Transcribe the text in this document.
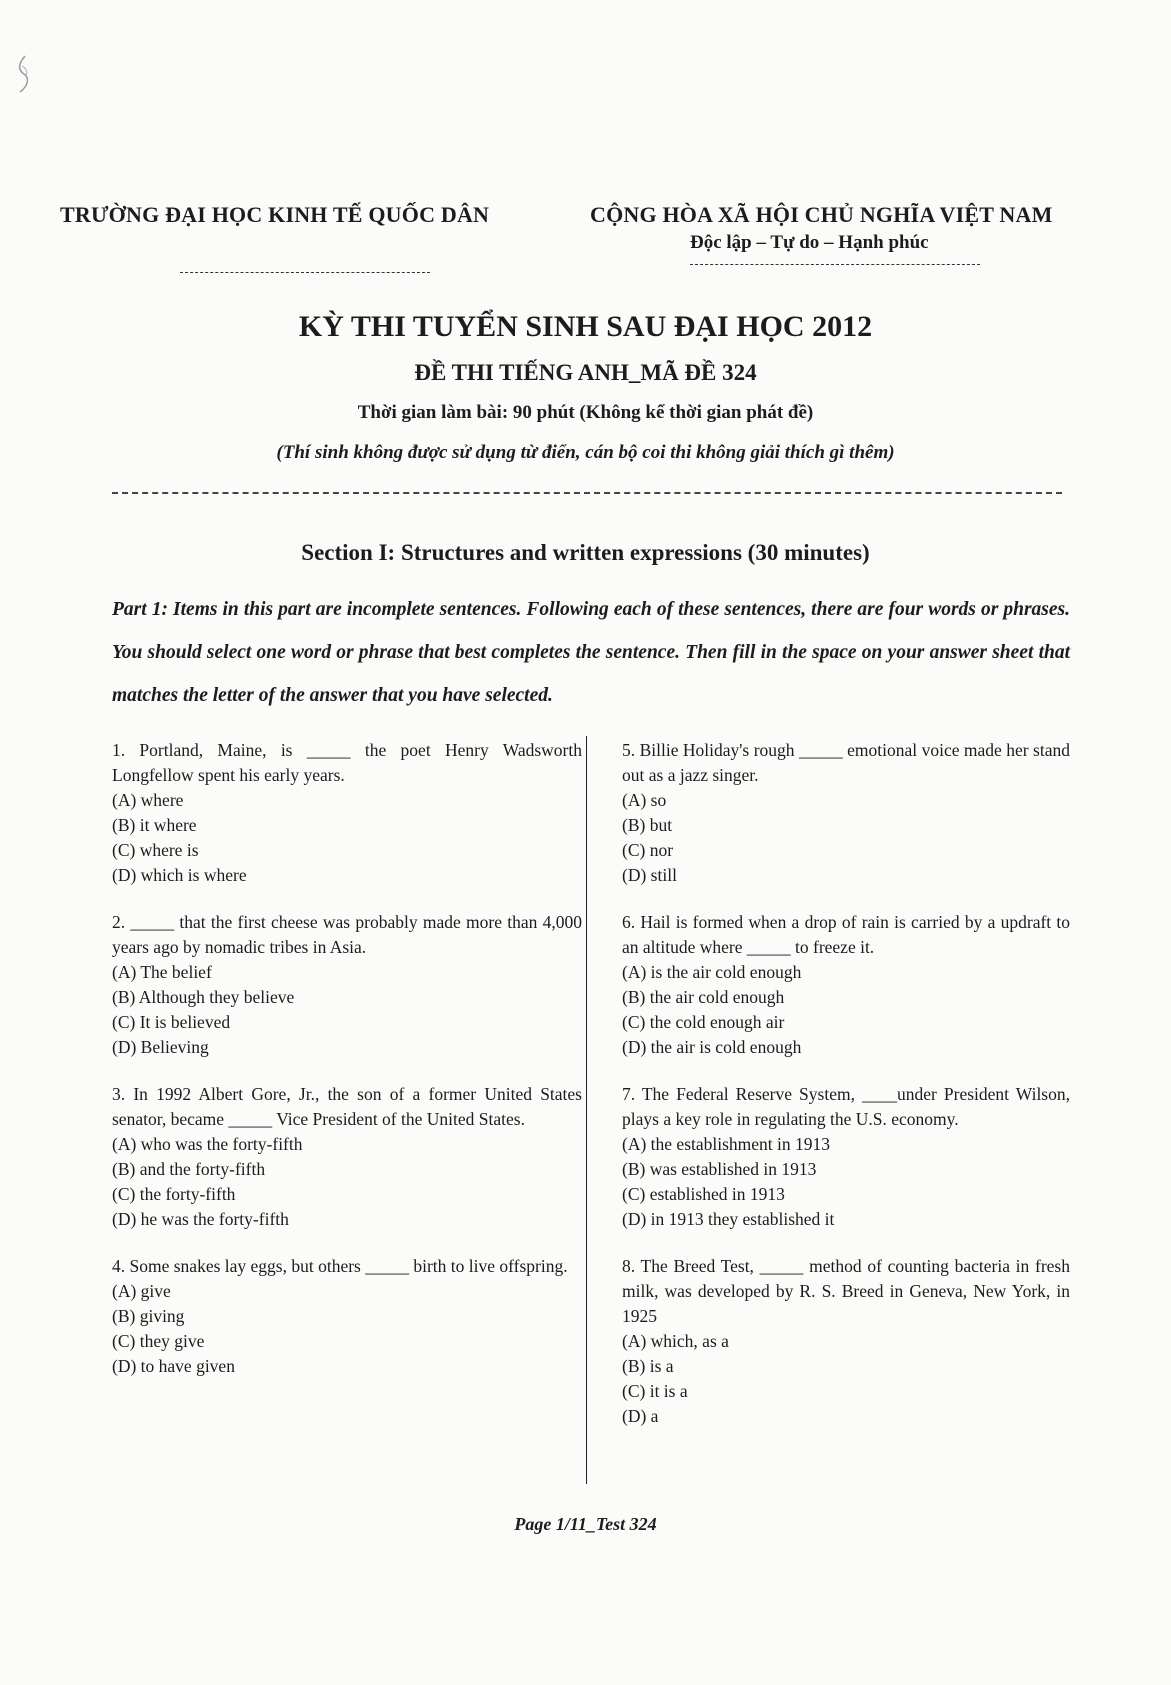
TRƯỜNG ĐẠI HỌC KINH TẾ QUỐC DÂN	CỘNG HÒA XÃ HỘI CHỦ NGHĨA VIỆT NAM
Độc lập – Tự do – Hạnh phúc
KỲ THI TUYỂN SINH SAU ĐẠI HỌC 2012
ĐỀ THI TIẾNG ANH_MÃ ĐỀ 324
Thời gian làm bài: 90 phút (Không kể thời gian phát đề)
(Thí sinh không được sử dụng từ điển, cán bộ coi thi không giải thích gì thêm)
Section I: Structures and written expressions (30 minutes)
Part 1: Items in this part are incomplete sentences. Following each of these sentences, there are four words or phrases. You should select one word or phrase that best completes the sentence. Then fill in the space on your answer sheet that matches the letter of the answer that you have selected.

1. Portland, Maine, is _____ the poet Henry Wadsworth Longfellow spent his early years.

(A) where
(B) it where
(C) where is
(D) which is where

2. _____ that the first cheese was probably made more than 4,000 years ago by nomadic tribes in Asia.

(A) The belief
(B) Although they believe
(C) It is believed
(D) Believing

3. In 1992 Albert Gore, Jr., the son of a former United States senator, became _____ Vice President of the United States.

(A) who was the forty-fifth
(B) and the forty-fifth
(C) the forty-fifth
(D) he was the forty-fifth

4. Some snakes lay eggs, but others _____ birth to live offspring.

(A) give
(B) giving
(C) they give
(D) to have given

5. Billie Holiday's rough _____ emotional voice made her stand out as a jazz singer.

(A) so
(B) but
(C) nor
(D) still

6. Hail is formed when a drop of rain is carried by a updraft to an altitude where _____ to freeze it.

(A) is the air cold enough
(B) the air cold enough
(C) the cold enough air
(D) the air is cold enough

7. The Federal Reserve System, ____under President Wilson, plays a key role in regulating the U.S. economy.

(A) the establishment in 1913
(B) was established in 1913
(C) established in 1913
(D) in 1913 they established it

8. The Breed Test, _____ method of counting bacteria in fresh milk, was developed by R. S. Breed in Geneva, New York, in 1925

(A) which, as a
(B) is a
(C) it is a
(D) a
Page 1/11_Test 324
